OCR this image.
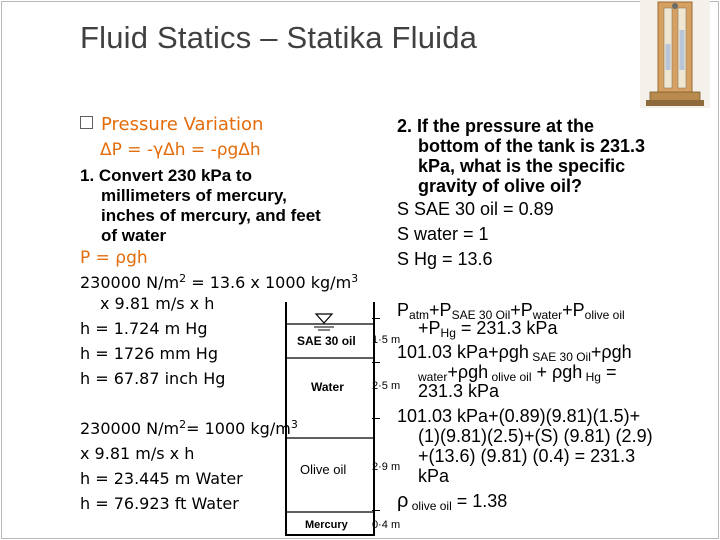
Fluid Statics – Statika Fluida
Pressure Variation
ΔP = -γΔh = -ρgΔh
1. Convert 230 kPa to
millimeters of mercury,
inches of mercury, and feet
of water
P = ρgh
230000 $N/m^2 = 13.6$ x 1000 $kg/m^3$
x 9.81 m/s x h
h = 1.724 m Hg
h = 1726 mm Hg
h = 67.87 inch Hg
230000 $N/m^2= 1000$ $kg/m^3$
x 9.81 m/s x h
h = 23.445 m Water
h = 76.923 ft Water
SAE 30 oil
Water
Olive oil
Mercury
1·5 m
2·5 m
2·9 m
0·4 m
2. If the pressure at the
bottom of the tank is 231.3
kPa, what is the specific
gravity of olive oil?
S SAE 30 oil = 0.89
S water = 1
S Hg = 13.6
$P_{atm}+P_{SAE 30 Oil}+P_{water}+P_{olive oil}$
$+P_{Hg} = 231.3$ kPa
101.03 kPa+ρgh $_{SAE 30 Oil}$+ρgh
$_{water}$+ρgh $_{olive oil}$ + ρgh $_{Hg}$ =
231.3 kPa
101.03 kPa+(0.89)(9.81)(1.5)+
(1)(9.81)(2.5)+(S) (9.81) (2.9)
+(13.6) (9.81) (0.4) = 231.3
kPa
ρ $_{olive oil}$ = 1.38
